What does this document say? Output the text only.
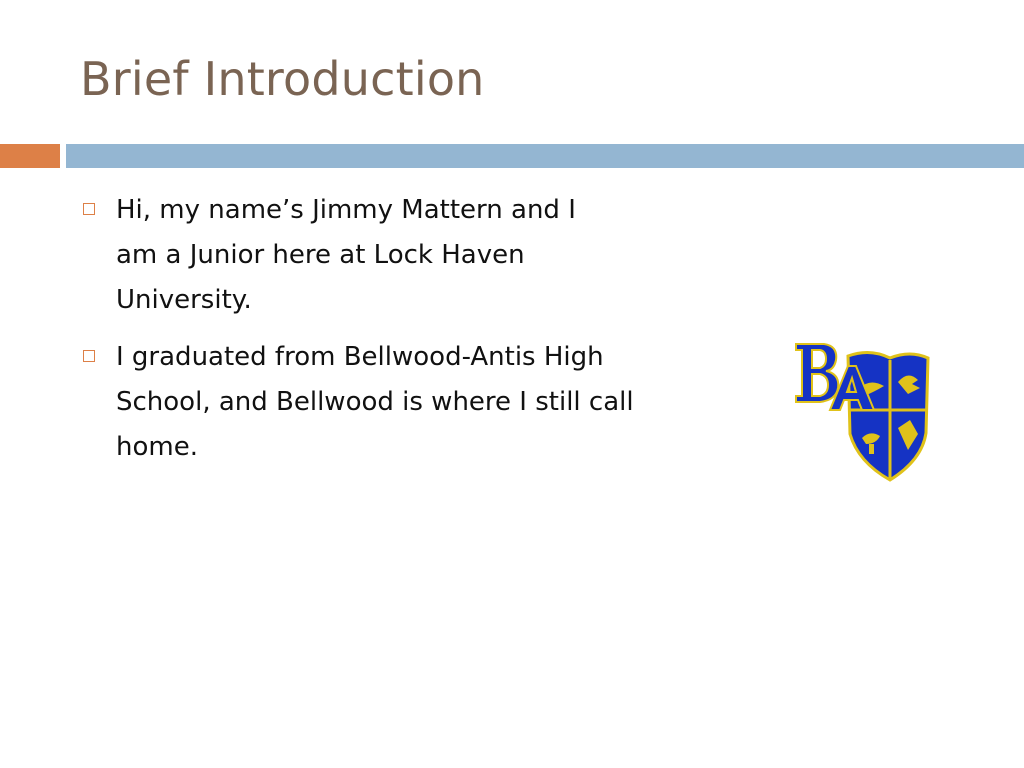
Brief Introduction
Hi, my name’s Jimmy Mattern and I am a Junior here at Lock Haven University.
I graduated from Bellwood-Antis High School, and Bellwood is where I still call home.
